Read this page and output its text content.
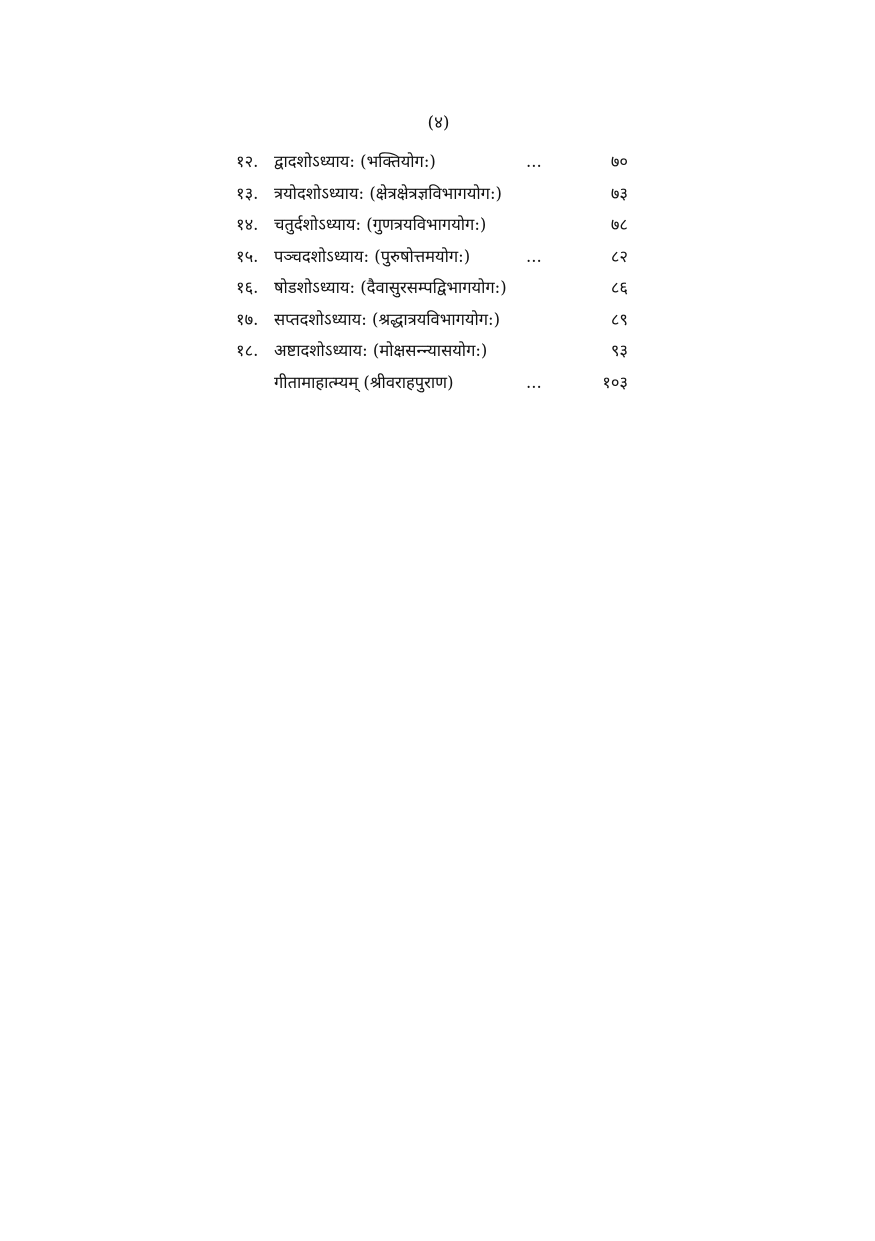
(४)
१२. द्वादशोऽध्याय: (भक्तियोग:)	...	७०
१३. त्रयोदशोऽध्याय: (क्षेत्रक्षेत्रज्ञविभागयोग:)	७३
१४. चतुर्दशोऽध्याय: (गुणत्रयविभागयोग:)	७८
१५. पञ्चदशोऽध्याय: (पुरुषोत्तमयोग:)	...	८२
१६. षोडशोऽध्याय: (दैवासुरसम्पद्विभागयोग:)	८६
१७. सप्तदशोऽध्याय: (श्रद्धात्रयविभागयोग:)	८९
१८. अष्टादशोऽध्याय: (मोक्षसन्न्यासयोग:)	९३
गीतामाहात्म्यम् (श्रीवराहपुराण)	...	१०३
